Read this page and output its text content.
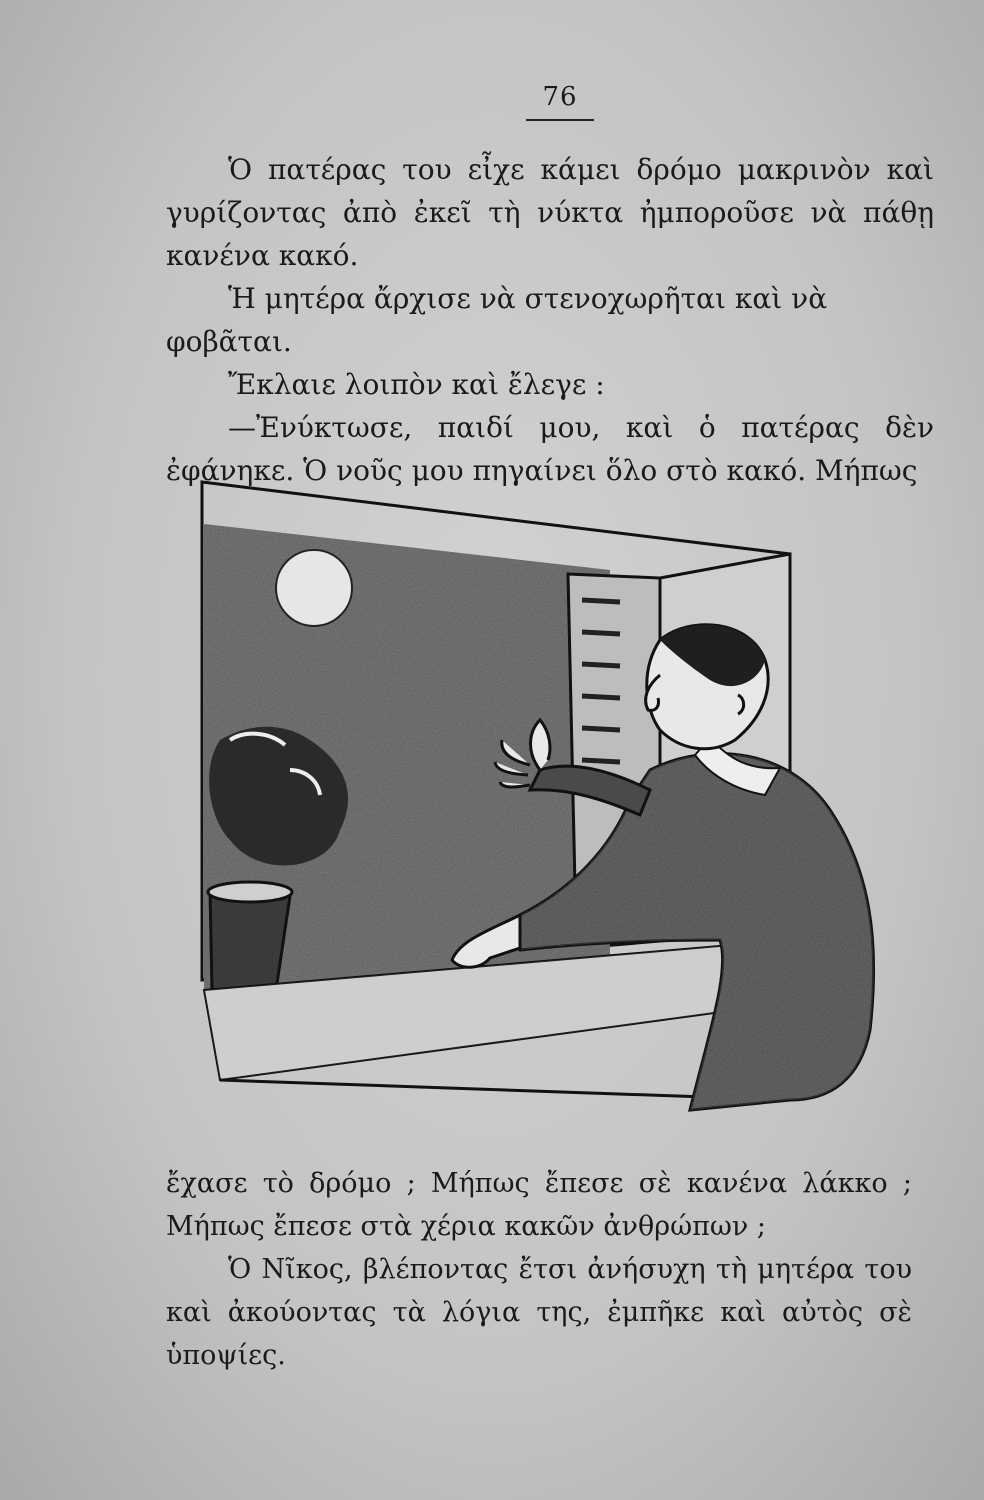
76

Ὁ πατέρας του εἶχε κάμει δρόμο μακρινὸν καὶ γυρίζοντας ἀπὸ ἐκεῖ τὴ νύκτα ἠμποροῦσε νὰ πάθῃ κανένα κακό.

Ἡ μητέρα ἄρχισε νὰ στενοχωρῆται καὶ νὰ φοβᾶται.

Ἔκλαιε λοιπὸν καὶ ἔλεγε :

—Ἐνύκτωσε, παιδί μου, καὶ ὁ πατέρας δὲν ἐφάνηκε. Ὁ νοῦς μου πηγαίνει ὅλο στὸ κακό. Μήπως

ἔχασε τὸ δρόμο ; Μήπως ἔπεσε σὲ κανένα λάκκο ; Μήπως ἔπεσε στὰ χέρια κακῶν ἀνθρώπων ;

Ὁ Νῖκος, βλέποντας ἔτσι ἀνήσυχη τὴ μητέρα του καὶ ἀκούοντας τὰ λόγια της, ἐμπῆκε καὶ αὐτὸς σὲ ὑποψίες.
